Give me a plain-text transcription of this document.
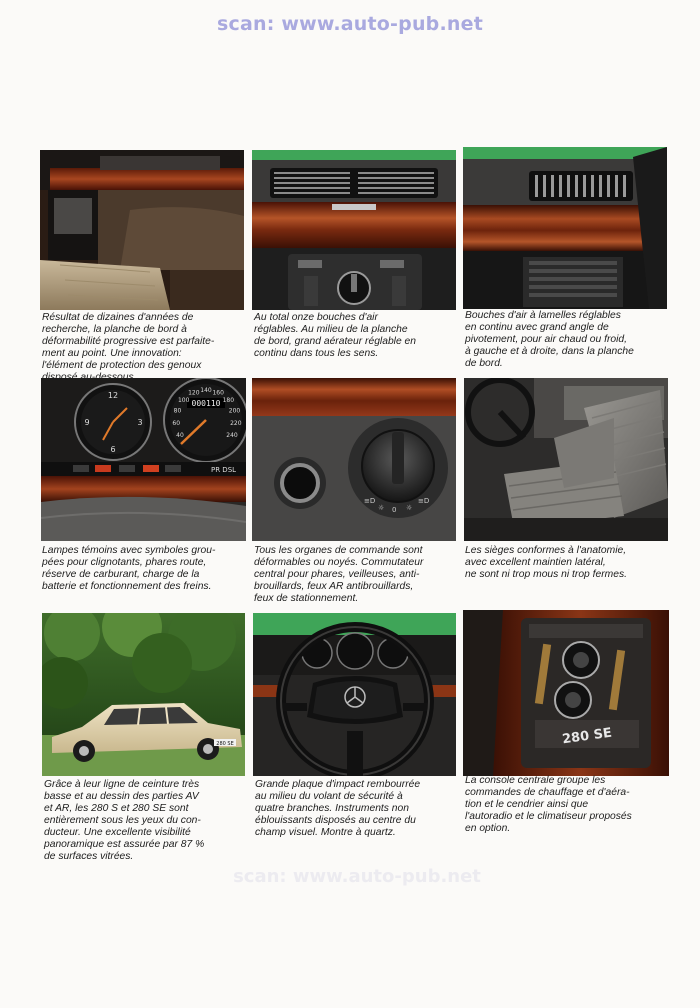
scan: www.auto-pub.net
Résultat de dizaines d'années de
recherche, la planche de bord à
déformabilité progressive est parfaite-
ment au point. Une innovation:
l'élément de protection des genoux

Au total onze bouches d'air
réglables. Au milieu de la planche
de bord, grand aérateur réglable en
continu dans tous les sens.
Bouches d'air à lamelles réglables
en continu avec grand angle de
pivotement, pour air chaud ou froid,
à gauche et à droite, dans la planche
de bord.
12
3
6
9
000110
40
60
80
100
120 140 160
180
200
220
240
PR DSL
≡D
☼ 0 ☼
≡D
Lampes témoins avec symboles grou-
pées pour clignotants, phares route,
réserve de carburant, charge de la
batterie et fonctionnement des freins.
Tous les organes de commande sont
déformables ou noyés. Commutateur
central pour phares, veilleuses, anti-
brouillards, feux AR antibrouillards,
feux de stationnement.
Les sièges conformes à l'anatomie,
avec excellent maintien latéral,
ne sont ni trop mous ni trop fermes.
280 SE	280 SE
Grâce à leur ligne de ceinture très
basse et au dessin des parties AV
et AR, les 280 S et 280 SE sont
entièrement sous les yeux du con-
ducteur. Une excellente visibilité
panoramique est assurée par 87 %
de surfaces vitrées.
Grande plaque d'impact rembourrée
au milieu du volant de sécurité à
quatre branches. Instruments non
éblouissants disposés au centre du
champ visuel. Montre à quartz.
La console centrale groupe les
commandes de chauffage et d'aéra-
tion et le cendrier ainsi que
l'autoradio et le climatiseur proposés
en option.
scan: www.auto-pub.net
